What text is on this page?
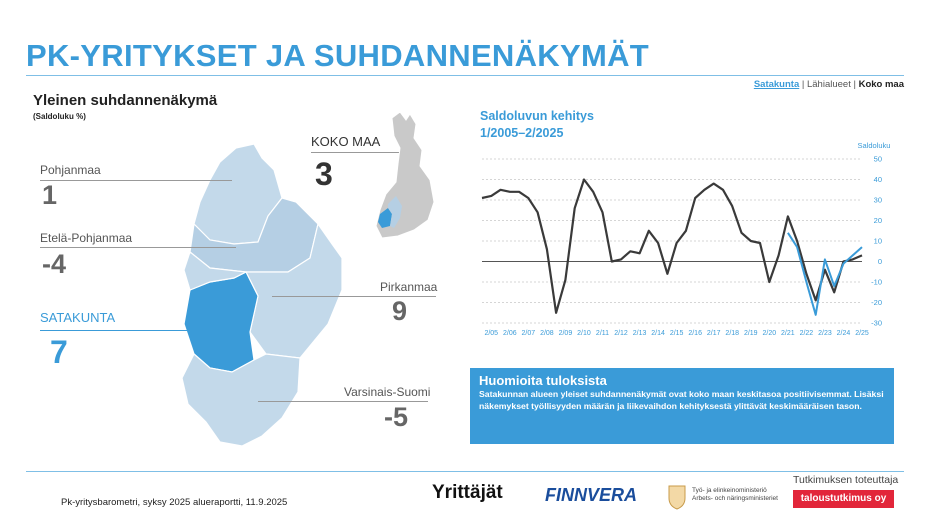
PK-YRITYKSET JA SUHDANNENÄKYMÄT
Satakunta | Lähialueet | Koko maa
Yleinen suhdannenäkymä
(Saldoluku %)
Pohjanmaa
1
Etelä-Pohjanmaa
-4
SATAKUNTA
7
Pirkanmaa
9
Varsinais-Suomi
-5
KOKO MAA
3
Saldoluvun kehitys
1/2005–2/2025
50
40
30
20
10
0
-10
-20
-30
2/05 2/06 2/07 2/08 2/09 2/10 2/11 2/12 2/13 2/14 2/15 2/16 2/17 2/18 2/19 2/20 2/21 2/22 2/23 2/24 2/25
Saldoluku
Huomioita tuloksista
Satakunnan alueen yleiset suhdannenäkymät ovat koko maan keskitasoa positiivisemmat. Lisäksi näkemykset työllisyyden määrän ja liikevaihdon kehityksestä ylittävät keskimääräisen tason.
Pk-yritysbarometri, syksy 2025 alueraportti, 11.9.2025	Yrittäjät FINNVERA	Työ- ja elinkeinoministeriö
Arbets- och näringsministeriet
Tutkimuksen toteuttaja
taloustutkimus oy
